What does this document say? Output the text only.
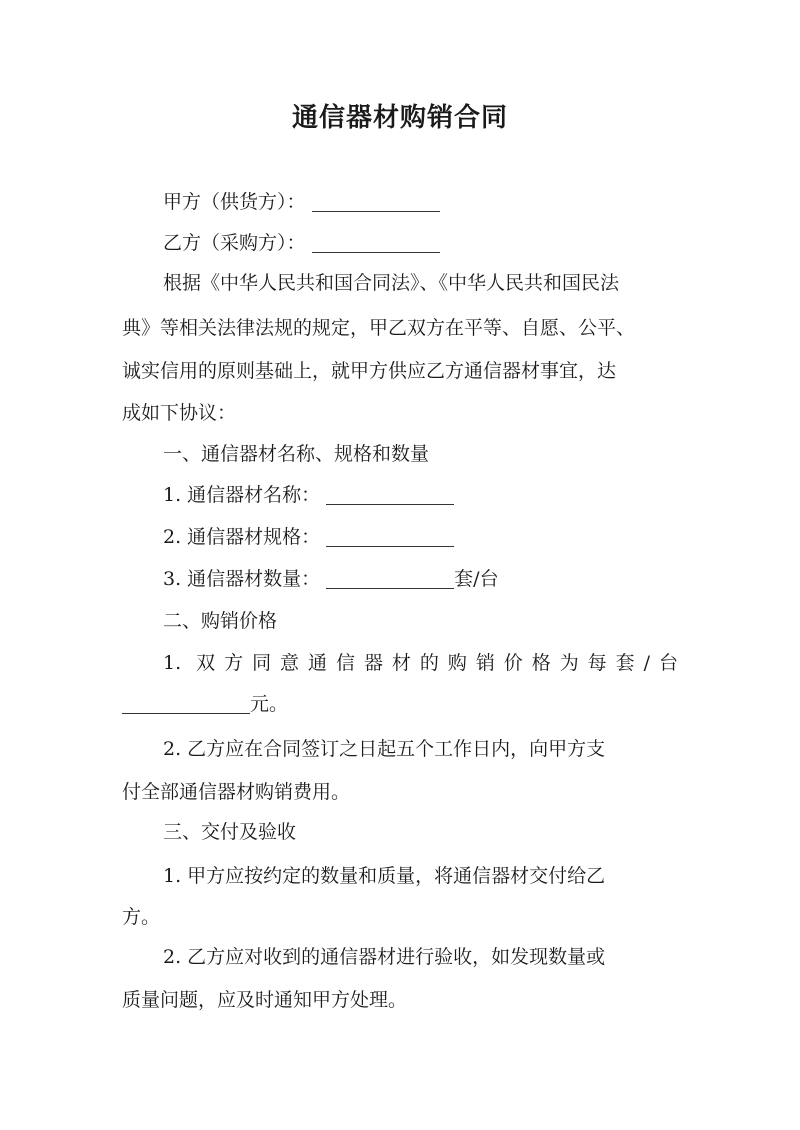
通信器材购销合同
甲方（供货方）：
乙方（采购方）：
根据《中华人民共和国合同法》、《中华人民共和国民法
典》等相关法律法规的规定，甲乙双方在平等、自愿、公平、
诚实信用的原则基础上，就甲方供应乙方通信器材事宜，达
成如下协议：
一、通信器材名称、规格和数量
1. 通信器材名称：
2. 通信器材规格：
3. 通信器材数量：	套/台
二、购销价格
1. 双方同意通信器材的购销价格为每套/台
元。
2. 乙方应在合同签订之日起五个工作日内，向甲方支
付全部通信器材购销费用。
三、交付及验收
1. 甲方应按约定的数量和质量，将通信器材交付给乙
方。
2. 乙方应对收到的通信器材进行验收，如发现数量或
质量问题，应及时通知甲方处理。
